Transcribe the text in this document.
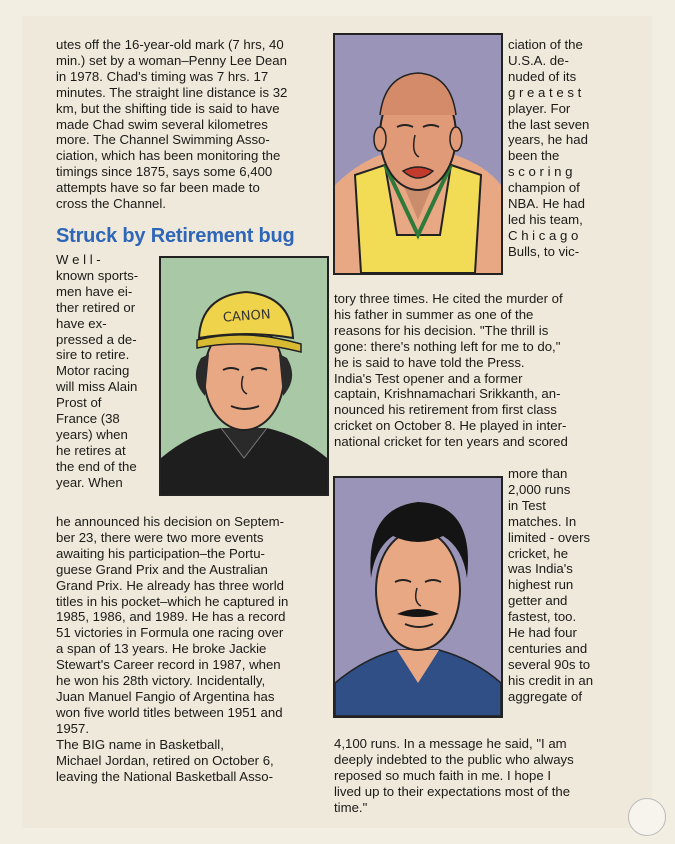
utes off the 16-year-old mark (7 hrs, 40
min.) set by a woman–Penny Lee Dean
in 1978. Chad's timing was 7 hrs. 17
minutes. The straight line distance is 32
km, but the shifting tide is said to have
made Chad swim several kilometres
more. The Channel Swimming Asso-
ciation, which has been monitoring the
timings since 1875, says some 6,400
attempts have so far been made to
cross the Channel.
Struck by Retirement bug
W e l l -
known sports-
men have ei-
ther retired or
have ex-
pressed a de-
sire to retire.
Motor racing
will miss Alain
Prost of
France (38
years) when
he retires at
the end of the
year. When
he announced his decision on Septem-
ber 23, there were two more events
awaiting his participation–the Portu-
guese Grand Prix and the Australian
Grand Prix. He already has three world
titles in his pocket–which he captured in
1985, 1986, and 1989. He has a record
51 victories in Formula one racing over
a span of 13 years. He broke Jackie
Stewart's Career record in 1987, when
he won his 28th victory. Incidentally,
Juan Manuel Fangio of Argentina has
won five world titles between 1951 and
1957.
The BIG name in Basketball,
Michael Jordan, retired on October 6,
leaving the National Basketball Asso-
ciation of the
U.S.A. de-
nuded of its
g r e a t e s t
player. For
the last seven
years, he had
been the
s c o r i n g
champion of
NBA. He had
led his team,
C h i c a g o
Bulls, to vic-
tory three times. He cited the murder of
his father in summer as one of the
reasons for his decision. "The thrill is
gone: there's nothing left for me to do,"
he is said to have told the Press.
India's Test opener and a former
captain, Krishnamachari Srikkanth, an-
nounced his retirement from first class
cricket on October 8. He played in inter-
national cricket for ten years and scored
more than
2,000 runs
in Test
matches. In
limited - overs
cricket, he
was India's
highest run
getter and
fastest, too.
He had four
centuries and
several 90s to
his credit in an
aggregate of
4,100 runs. In a message he said, "I am
deeply indebted to the public who always
reposed so much faith in me. I hope I
lived up to their expectations most of the
time."
CANON
